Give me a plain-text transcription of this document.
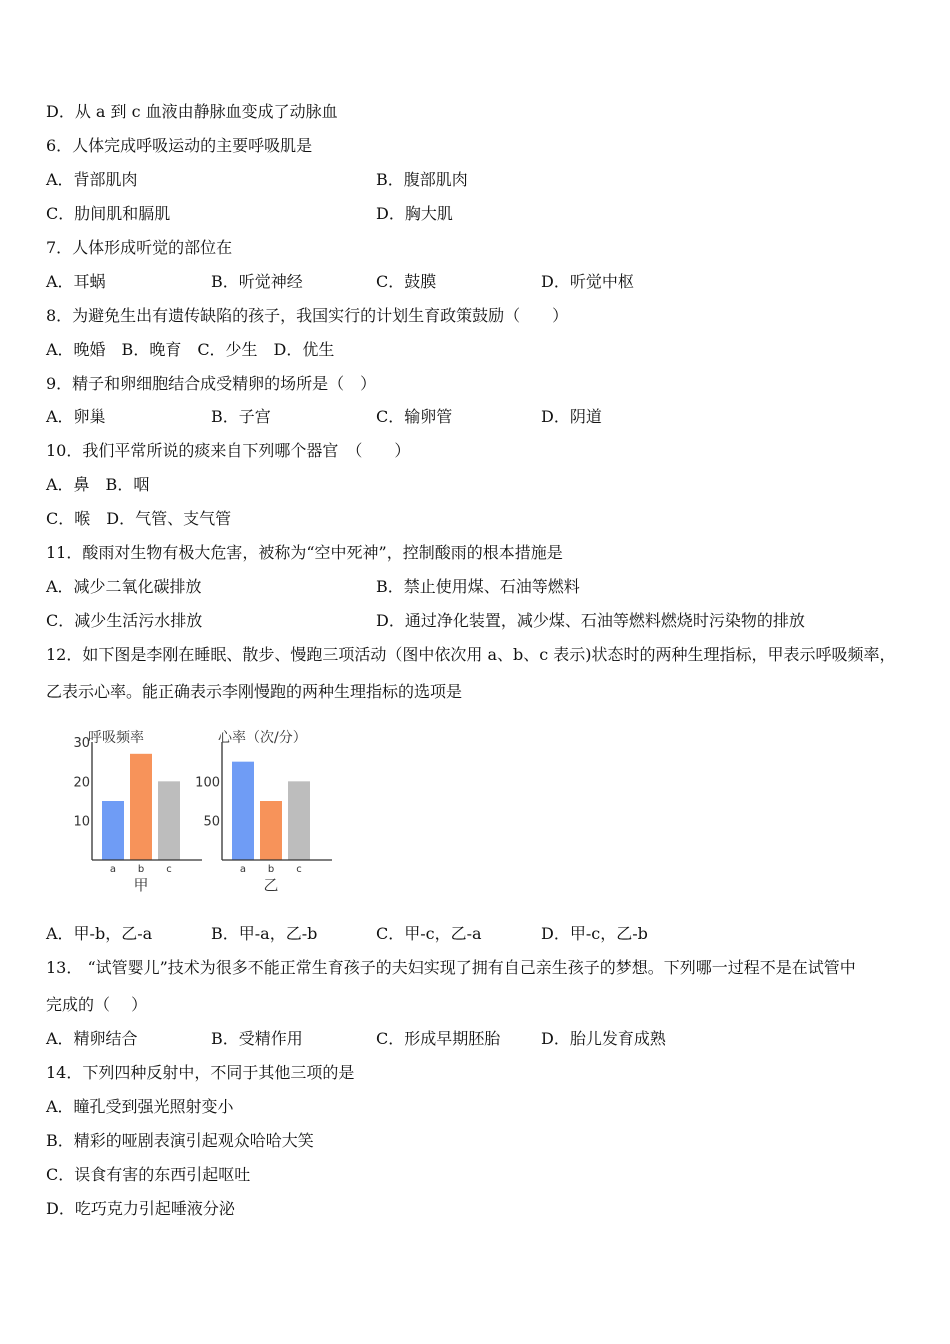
D．从 a 到 c 血液由静脉血变成了动脉血
6．人体完成呼吸运动的主要呼吸肌是
A．背部肌肉	B．腹部肌肉
C．肋间肌和膈肌	D．胸大肌
7．人体形成听觉的部位在
A．耳蜗	B．听觉神经	C．鼓膜	D．听觉中枢
8．为避免生出有遗传缺陷的孩子，我国实行的计划生育政策鼓励（　　）
A．晚婚　B．晚育　C．少生　D．优生
9．精子和卵细胞结合成受精卵的场所是（　）
A．卵巢	B．子宫	C．输卵管	D．阴道
10．我们平常所说的痰来自下列哪个器官　（　　）
A．鼻　B．咽
C．喉　D．气管、支气管
11．酸雨对生物有极大危害，被称为“空中死神”，控制酸雨的根本措施是
A．减少二氧化碳排放	B．禁止使用煤、石油等燃料
C．减少生活污水排放	D．通过净化装置，减少煤、石油等燃料燃烧时污染物的排放
12．如下图是李刚在睡眠、散步、慢跑三项活动（图中依次用 a、b、c 表示)状态时的两种生理指标，甲表示呼吸频率，
乙表示心率。能正确表示李刚慢跑的两种生理指标的选项是
呼吸频率
10
20
30
a b c
甲
心率（次/分）
50
100
a b c
乙
A．甲-b，乙-a	B．甲-a，乙-b	C．甲-c，乙-a	D．甲-c，乙-b
13． “试管婴儿”技术为很多不能正常生育孩子的夫妇实现了拥有自己亲生孩子的梦想。下列哪一过程不是在试管中
完成的（　 ）
A．精卵结合	B．受精作用	C．形成早期胚胎	D．胎儿发育成熟
14．下列四种反射中，不同于其他三项的是
A．瞳孔受到强光照射变小
B．精彩的哑剧表演引起观众哈哈大笑
C．误食有害的东西引起呕吐
D．吃巧克力引起唾液分泌
